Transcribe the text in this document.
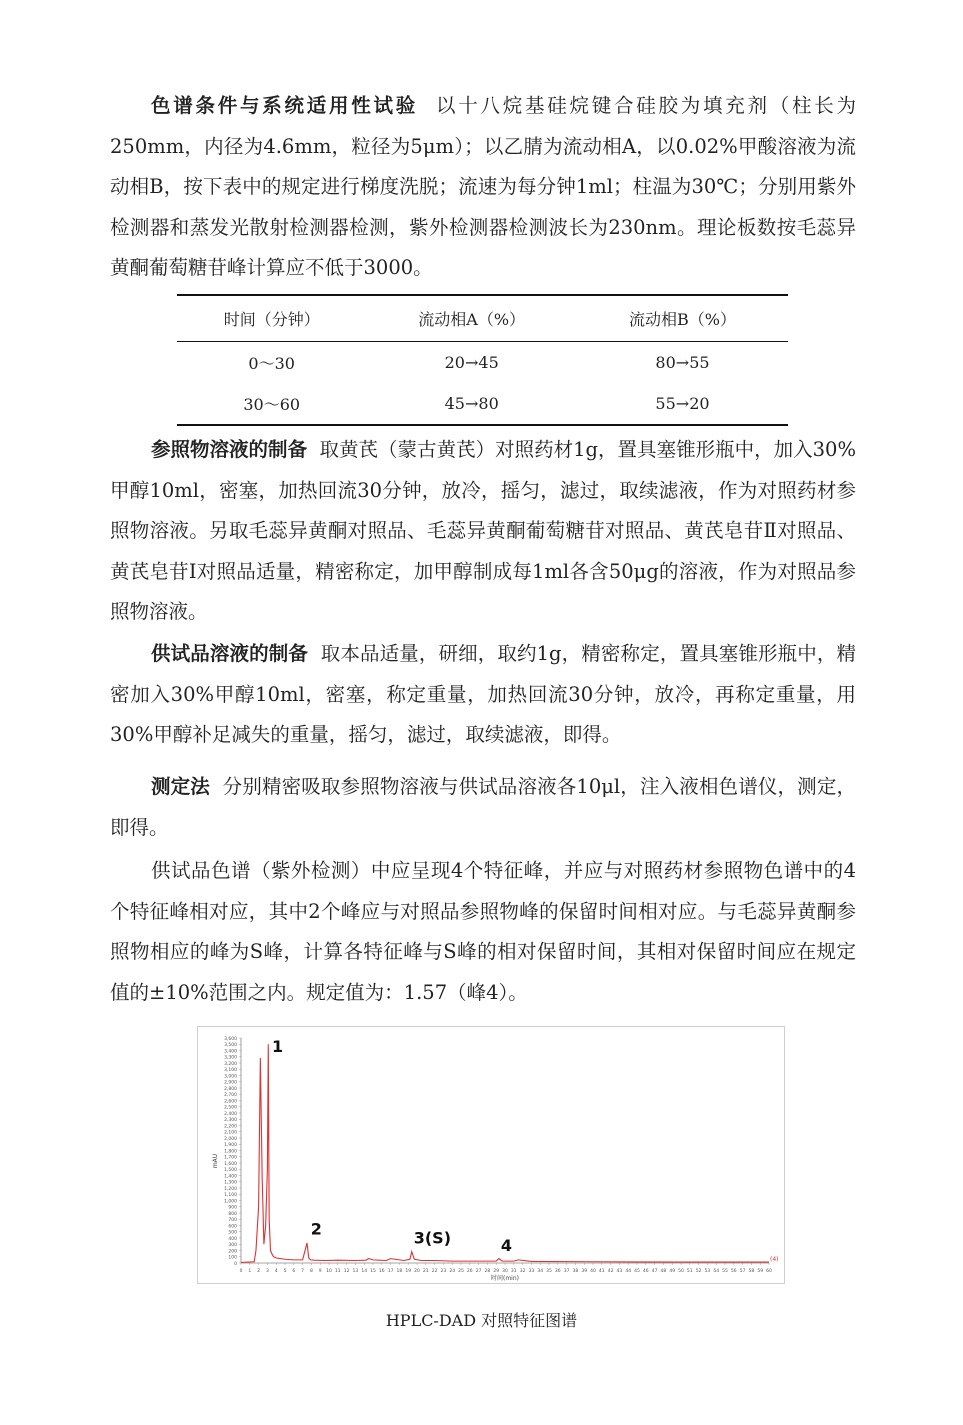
色谱条件与系统适用性试验 以十八烷基硅烷键合硅胶为填充剂（柱长为250mm，内径为4.6mm，粒径为5μm）；以乙腈为流动相A，以0.02%甲酸溶液为流动相B，按下表中的规定进行梯度洗脱；流速为每分钟1ml；柱温为30℃；分别用紫外检测器和蒸发光散射检测器检测，紫外检测器检测波长为230nm。理论板数按毛蕊异黄酮葡萄糖苷峰计算应不低于3000。

时间（分钟）	流动相A（%）	流动相B（%）
0～30	20→45	80→55
30～60	45→80	55→20

参照物溶液的制备 取黄芪（蒙古黄芪）对照药材1g，置具塞锥形瓶中，加入30%甲醇10ml，密塞，加热回流30分钟，放冷，摇匀，滤过，取续滤液，作为对照药材参照物溶液。另取毛蕊异黄酮对照品、毛蕊异黄酮葡萄糖苷对照品、黄芪皂苷Ⅱ对照品、黄芪皂苷Ⅰ对照品适量，精密称定，加甲醇制成每1ml各含50μg的溶液，作为对照品参照物溶液。

供试品溶液的制备 取本品适量，研细，取约1g，精密称定，置具塞锥形瓶中，精密加入30%甲醇10ml，密塞，称定重量，加热回流30分钟，放冷，再称定重量，用30%甲醇补足减失的重量，摇匀，滤过，取续滤液，即得。

测定法 分别精密吸取参照物溶液与供试品溶液各10μl，注入液相色谱仪，测定，即得。

供试品色谱（紫外检测）中应呈现4个特征峰，并应与对照药材参照物色谱中的4个特征峰相对应，其中2个峰应与对照品参照物峰的保留时间相对应。与毛蕊异黄酮参照物相应的峰为S峰，计算各特征峰与S峰的相对保留时间，其相对保留时间应在规定值的±10%范围之内。规定值为：1.57（峰4）。

0
100
200
300
400
500
600
700
800
900
1,000
1,100
1,200
1,300
1,400
1,500
1,600
1,700
1,800
1,900
2,000
2,100
2,200
2,300
2,400
2,500
2,600
2,700
2,800
2,900
3,000
3,100
3,200
3,300
3,400
3,500
3,600
0 1 2 3 4 5 6 7 8 9 10 11 12 13 14 15 16 17 18 19 20 21 22 23 24 25 26 27 28 29 30 31 32 33 34 35 36 37 38 39 40 41 42 43 44 45 46 47 48 49 50 51 52 53 54 55 56 57 58 59 60
1
2	3(S)	4
mAU
时间(min)
(4)
HPLC-DAD 对照特征图谱
